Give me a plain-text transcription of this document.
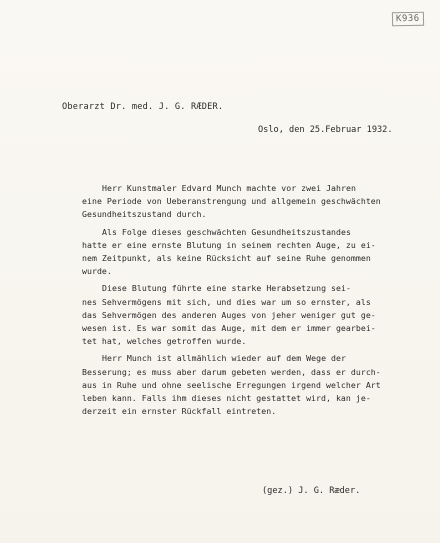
K936
Oberarzt Dr. med. J. G. RÆDER.
Oslo, den 25.Februar 1932.
Herr Kunstmaler Edvard Munch machte vor zwei Jahren
eine Periode von Ueberanstrengung und allgemein geschwächten
Gesundheitszustand durch.
Als Folge dieses geschwächten Gesundheitszustandes
hatte er eine ernste Blutung in seinem rechten Auge, zu ei-
nem Zeitpunkt, als keine Rücksicht auf seine Ruhe genommen
wurde.
Diese Blutung führte eine starke Herabsetzung sei-
nes Sehvermögens mit sich, und dies war um so ernster, als
das Sehvermögen des anderen Auges von jeher weniger gut ge-
wesen ist. Es war somit das Auge, mit dem er immer gearbei-
tet hat, welches getroffen wurde.
Herr Munch ist allmählich wieder auf dem Wege der
Besserung; es muss aber darum gebeten werden, dass er durch-
aus in Ruhe und ohne seelische Erregungen irgend welcher Art
leben kann. Falls ihm dieses nicht gestattet wird, kan je-
derzeit ein ernster Rückfall eintreten.
(gez.) J. G. Ræder.
